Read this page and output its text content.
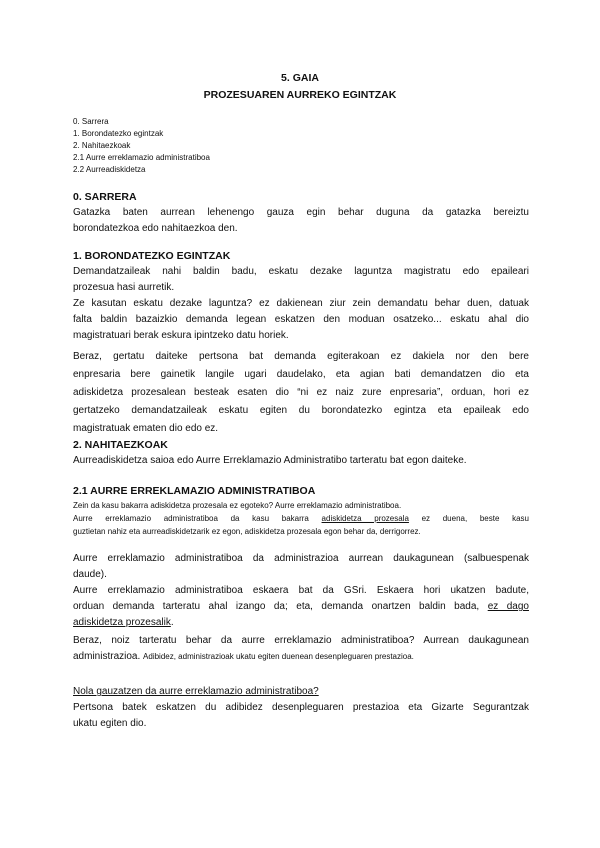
5. GAIA
PROZESUAREN AURREKO EGINTZAK
0. Sarrera
1. Borondatezko egintzak
2. Nahitaezkoak
2.1 Aurre erreklamazio administratiboa
2.2 Aurreadiskidetza
0. SARRERA
Gatazka baten aurrean lehenengo gauza egin behar duguna da gatazka bereiztu
borondatezkoa edo nahitaezkoa den.
1. BORONDATEZKO EGINTZAK
Demandatzaileak nahi baldin badu, eskatu dezake laguntza magistratu edo epaileari
prozesua hasi aurretik.
Ze kasutan eskatu dezake laguntza? ez dakienean ziur zein demandatu behar duen, datuak
falta baldin bazaizkio demanda legean eskatzen den moduan osatzeko... eskatu ahal dio
magistratuari berak eskura ipintzeko datu horiek.
Beraz, gertatu daiteke pertsona bat demanda egiterakoan ez dakiela nor den bere
enpresaria bere gainetik langile ugari daudelako, eta agian bati demandatzen dio eta
adiskidetza prozesalean besteak esaten dio “ni ez naiz zure enpresaria”, orduan, hori ez
gertatzeko demandatzaileak eskatu egiten du borondatezko egintza eta epaileak edo
magistratuak ematen dio edo ez.
2. NAHITAEZKOAK
Aurreadiskidetza saioa edo Aurre Erreklamazio Administratibo tarteratu bat egon daiteke.
2.1 AURRE ERREKLAMAZIO ADMINISTRATIBOA
Zein da kasu bakarra adiskidetza prozesala ez egoteko? Aurre erreklamazio administratiboa.
Aurre erreklamazio administratiboa da kasu bakarra adiskidetza prozesala ez duena, beste kasu
guztietan nahiz eta aurreadiskidetzarik ez egon, adiskidetza prozesala egon behar da, derrigorrez.
Aurre erreklamazio administratiboa da administrazioa aurrean daukagunean (salbuespenak
daude).
Aurre erreklamazio administratiboa eskaera bat da GSri. Eskaera hori ukatzen badute,
orduan demanda tarteratu ahal izango da; eta, demanda onartzen baldin bada, ez dago
adiskidetza prozesalik.
Beraz, noiz tarteratu behar da aurre erreklamazio administratiboa? Aurrean daukagunean
administrazioa. Adibidez, administrazioak ukatu egiten duenean desenpleguaren prestazioa.
Nola gauzatzen da aurre erreklamazio administratiboa?
Pertsona batek eskatzen du adibidez desenpleguaren prestazioa eta Gizarte Segurantzak
ukatu egiten dio.
